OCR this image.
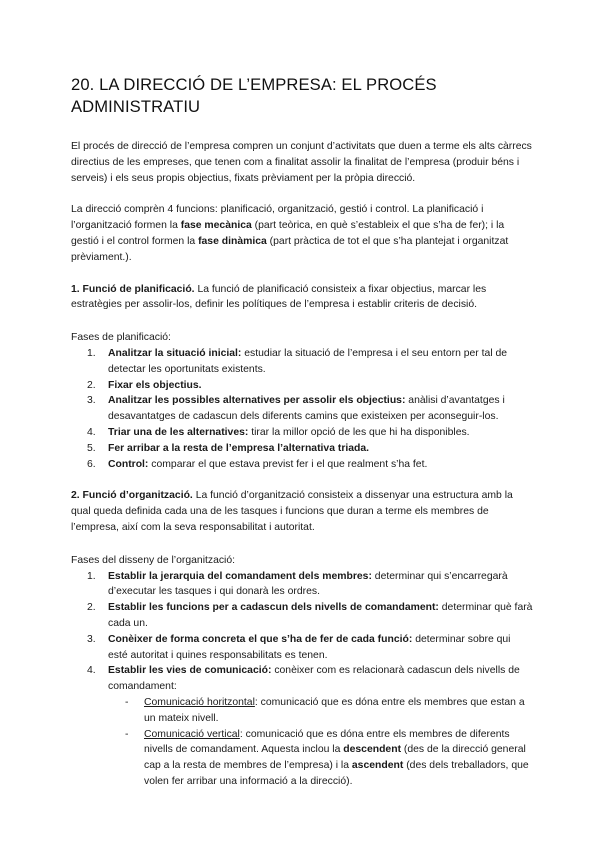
20. LA DIRECCIÓ DE L’EMPRESA: EL PROCÉS ADMINISTRATIU

El procés de direcció de l’empresa compren un conjunt d’activitats que duen a terme els alts càrrecs directius de les empreses, que tenen com a finalitat assolir la finalitat de l’empresa (produir béns i serveis) i els seus propis objectius, fixats prèviament per la pròpia direcció.

La direcció comprèn 4 funcions: planificació, organització, gestió i control. La planificació i l’organització formen la fase mecànica (part teòrica, en què s’estableix el que s’ha de fer); i la gestió i el control formen la fase dinàmica (part pràctica de tot el que s’ha plantejat i organitzat prèviament.).

1. Funció de planificació. La funció de planificació consisteix a fixar objectius, marcar les estratègies per assolir-los, definir les polítiques de l’empresa i establir criteris de decisió.

Fases de planificació:

1. Analitzar la situació inicial: estudiar la situació de l’empresa i el seu entorn per tal de detectar les oportunitats existents.
2. Fixar els objectius.
3. Analitzar les possibles alternatives per assolir els objectius: anàlisi d’avantatges i desavantatges de cadascun dels diferents camins que existeixen per aconseguir-los.
4. Triar una de les alternatives: tirar la millor opció de les que hi ha disponibles.
5. Fer arribar a la resta de l’empresa l’alternativa triada.
6. Control: comparar el que estava previst fer i el que realment s’ha fet.

2. Funció d’organització. La funció d’organització consisteix a dissenyar una estructura amb la qual queda definida cada una de les tasques i funcions que duran a terme els membres de l’empresa, així com la seva responsabilitat i autoritat.

Fases del disseny de l’organització:

1. Establir la jerarquia del comandament dels membres: determinar qui s’encarregarà d’executar les tasques i qui donarà les ordres.
2. Establir les funcions per a cadascun dels nivells de comandament: determinar què farà cada un.
3. Conèixer de forma concreta el que s’ha de fer de cada funció: determinar sobre qui esté autoritat i quines responsabilitats es tenen.
4. Establir les vies de comunicació: conèixer com es relacionarà cadascun dels nivells de comandament:
- Comunicació horitzontal: comunicació que es dóna entre els membres que estan a un mateix nivell.
- Comunicació vertical: comunicació que es dóna entre els membres de diferents nivells de comandament. Aquesta inclou la descendent (des de la direcció general cap a la resta de membres de l’empresa) i la ascendent (des dels treballadors, que volen fer arribar una informació a la direcció).
